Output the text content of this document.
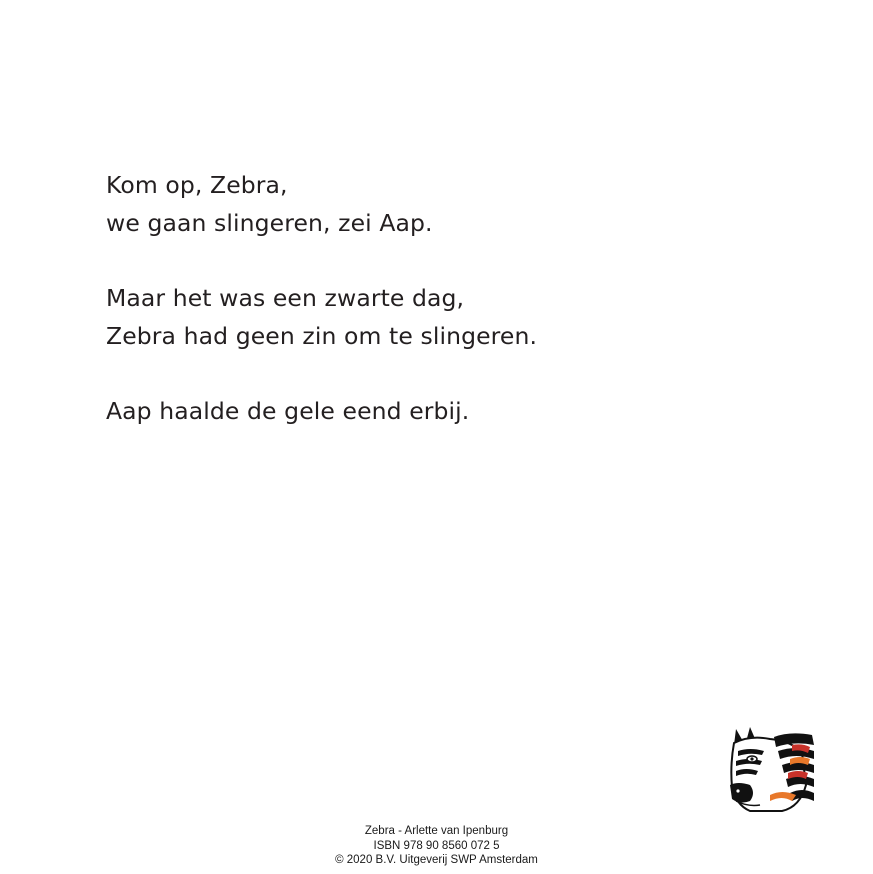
Kom op, Zebra,
we gaan slingeren, zei Aap.

Maar het was een zwarte dag,
Zebra had geen zin om te slingeren.

Aap haalde de gele eend erbij.

Zebra - Arlette van Ipenburg
ISBN 978 90 8560 072 5
© 2020 B.V. Uitgeverij SWP Amsterdam
